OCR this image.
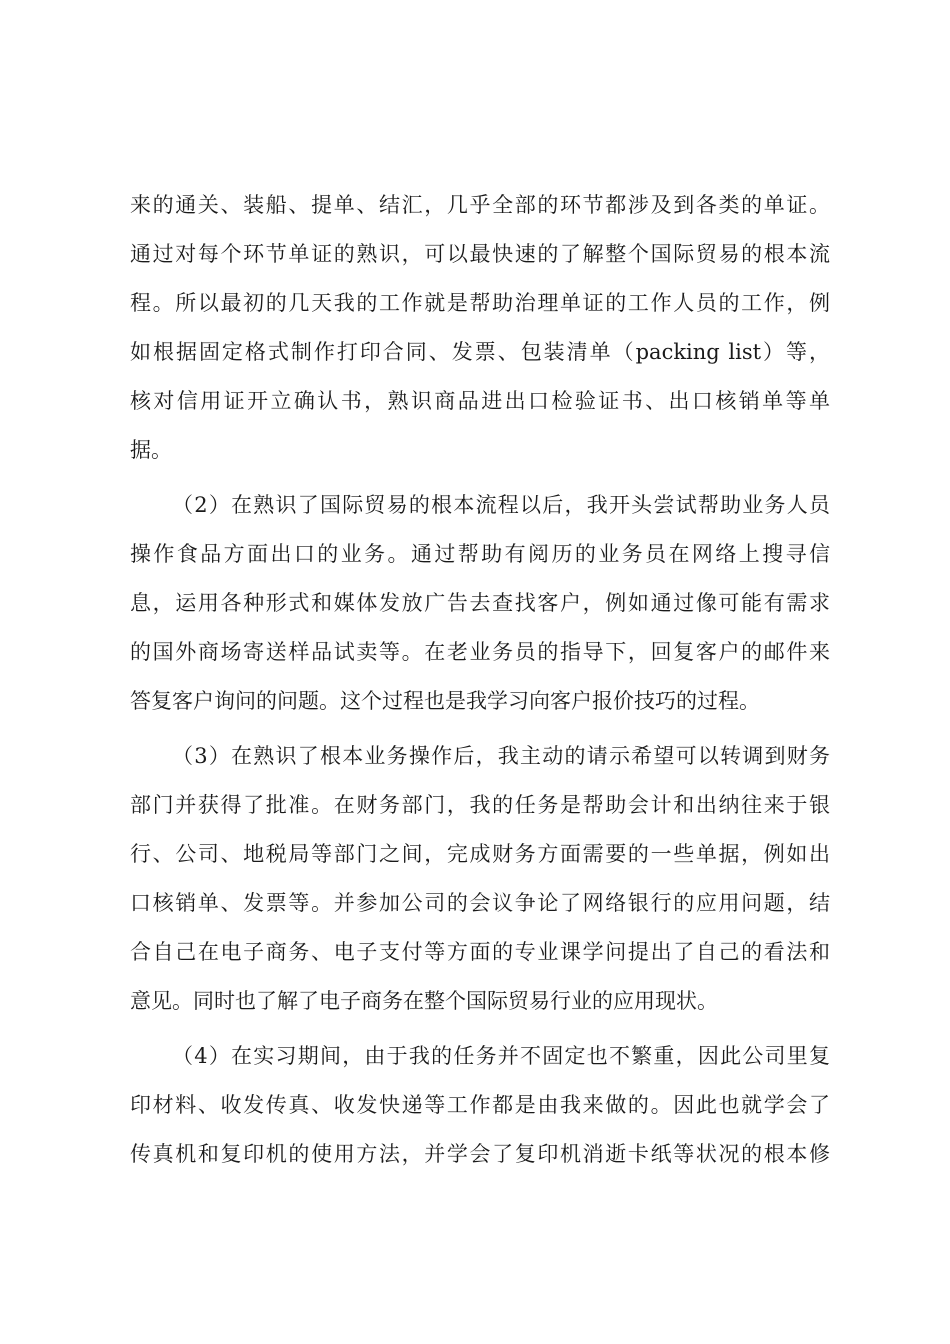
来的通关、装船、提单、结汇，几乎全部的环节都涉及到各类的单证。
通过对每个环节单证的熟识，可以最快速的了解整个国际贸易的根本流
程。所以最初的几天我的工作就是帮助治理单证的工作人员的工作，例
如根据固定格式制作打印合同、发票、包装清单（packing list）等，
核对信用证开立确认书，熟识商品进出口检验证书、出口核销单等单
据。
（2）在熟识了国际贸易的根本流程以后，我开头尝试帮助业务人员
操作食品方面出口的业务。通过帮助有阅历的业务员在网络上搜寻信
息，运用各种形式和媒体发放广告去查找客户，例如通过像可能有需求
的国外商场寄送样品试卖等。在老业务员的指导下，回复客户的邮件来
答复客户询问的问题。这个过程也是我学习向客户报价技巧的过程。
（3）在熟识了根本业务操作后，我主动的请示希望可以转调到财务
部门并获得了批准。在财务部门，我的任务是帮助会计和出纳往来于银
行、公司、地税局等部门之间，完成财务方面需要的一些单据，例如出
口核销单、发票等。并参加公司的会议争论了网络银行的应用问题，结
合自己在电子商务、电子支付等方面的专业课学问提出了自己的看法和
意见。同时也了解了电子商务在整个国际贸易行业的应用现状。
（4）在实习期间，由于我的任务并不固定也不繁重，因此公司里复
印材料、收发传真、收发快递等工作都是由我来做的。因此也就学会了
传真机和复印机的使用方法，并学会了复印机消逝卡纸等状况的根本修
